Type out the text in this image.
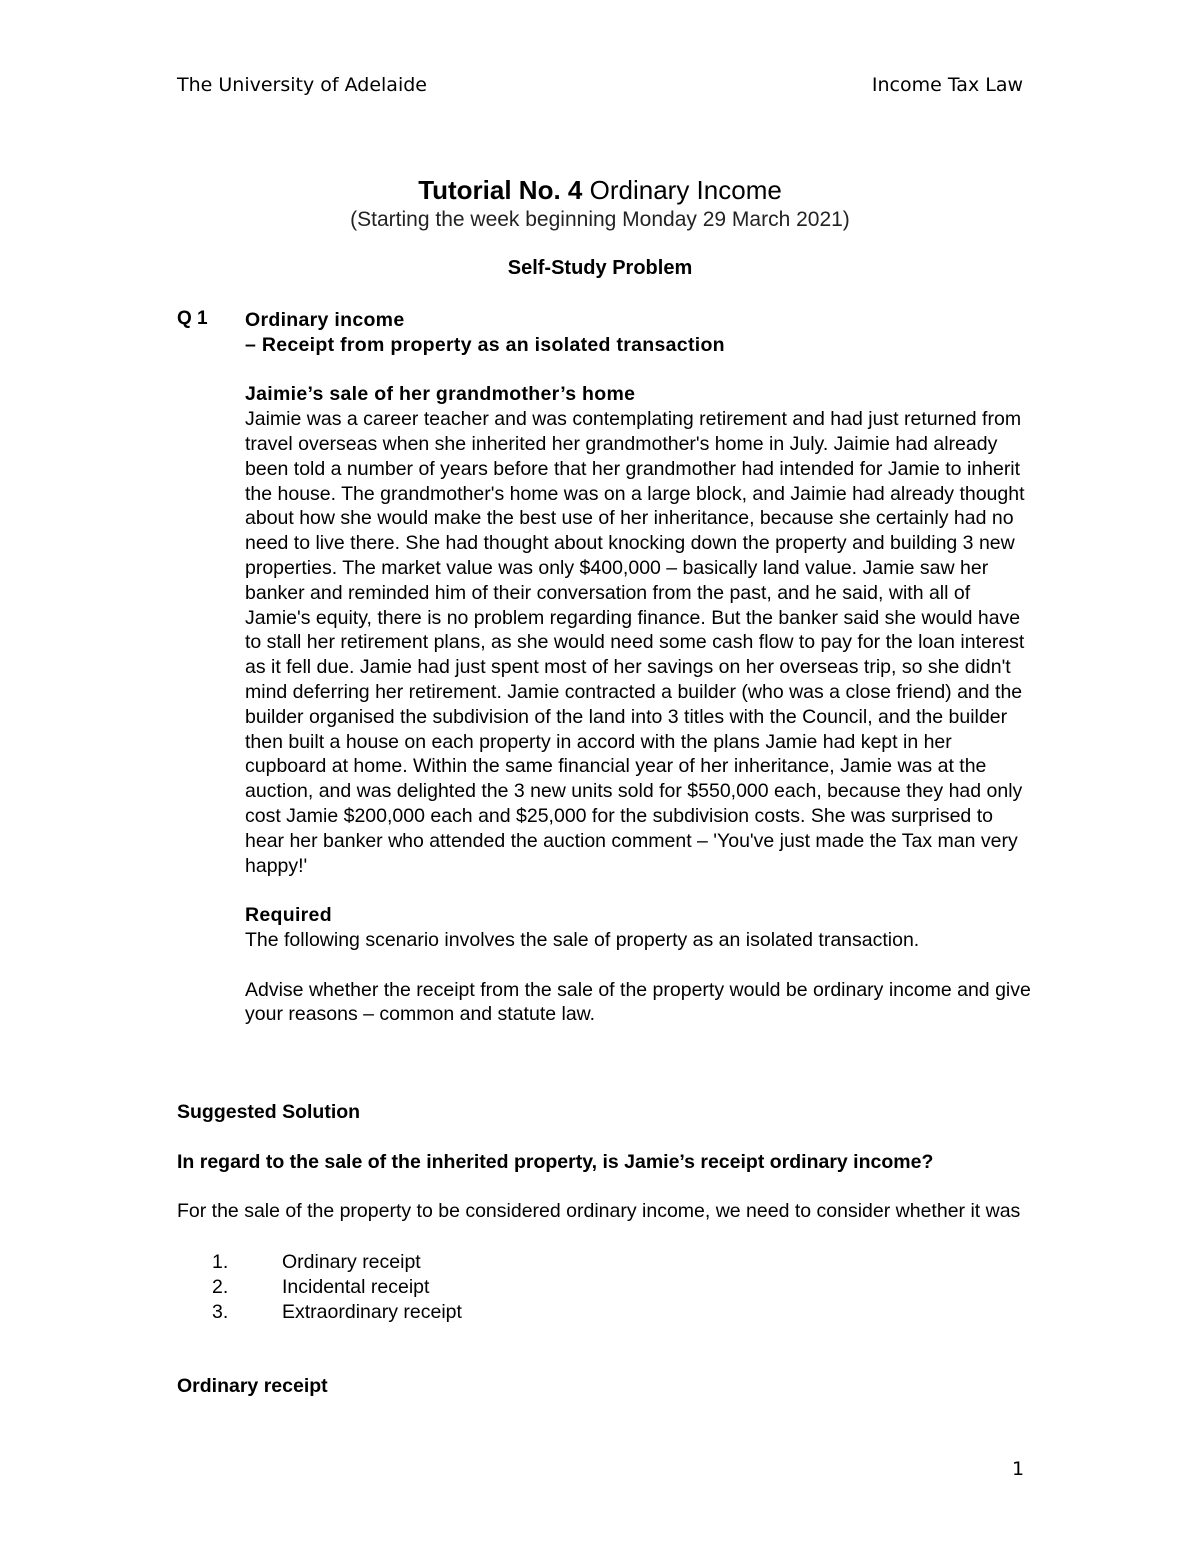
The University of Adelaide	Income Tax Law
Tutorial No. 4 Ordinary Income
(Starting the week beginning Monday 29 March 2021)
Self-Study Problem
Q 1 Ordinary income

– Receipt from property as an isolated transaction

Jaimie’s sale of her grandmother’s home

Jaimie was a career teacher and was contemplating retirement and had just returned from travel overseas when she inherited her grandmother's home in July. Jaimie had already been told a number of years before that her grandmother had intended for Jamie to inherit the house. The grandmother's home was on a large block, and Jaimie had already thought about how she would make the best use of her inheritance, because she certainly had no need to live there. She had thought about knocking down the property and building 3 new properties. The market value was only $400,000 – basically land value. Jamie saw her banker and reminded him of their conversation from the past, and he said, with all of Jamie's equity, there is no problem regarding finance. But the banker said she would have to stall her retirement plans, as she would need some cash flow to pay for the loan interest as it fell due. Jamie had just spent most of her savings on her overseas trip, so she didn't mind deferring her retirement. Jamie contracted a builder (who was a close friend) and the builder organised the subdivision of the land into 3 titles with the Council, and the builder then built a house on each property in accord with the plans Jamie had kept in her cupboard at home. Within the same financial year of her inheritance, Jamie was at the auction, and was delighted the 3 new units sold for $550,000 each, because they had only cost Jamie $200,000 each and $25,000 for the subdivision costs. She was surprised to hear her banker who attended the auction comment – 'You've just made the Tax man very happy!'

Required

The following scenario involves the sale of property as an isolated transaction.

Advise whether the receipt from the sale of the property would be ordinary income and give your reasons – common and statute law.

Suggested Solution

In regard to the sale of the inherited property, is Jamie’s receipt ordinary income?

For the sale of the property to be considered ordinary income, we need to consider whether it was

1.	Ordinary receipt
2.	Incidental receipt
3.	Extraordinary receipt
Ordinary receipt
1
